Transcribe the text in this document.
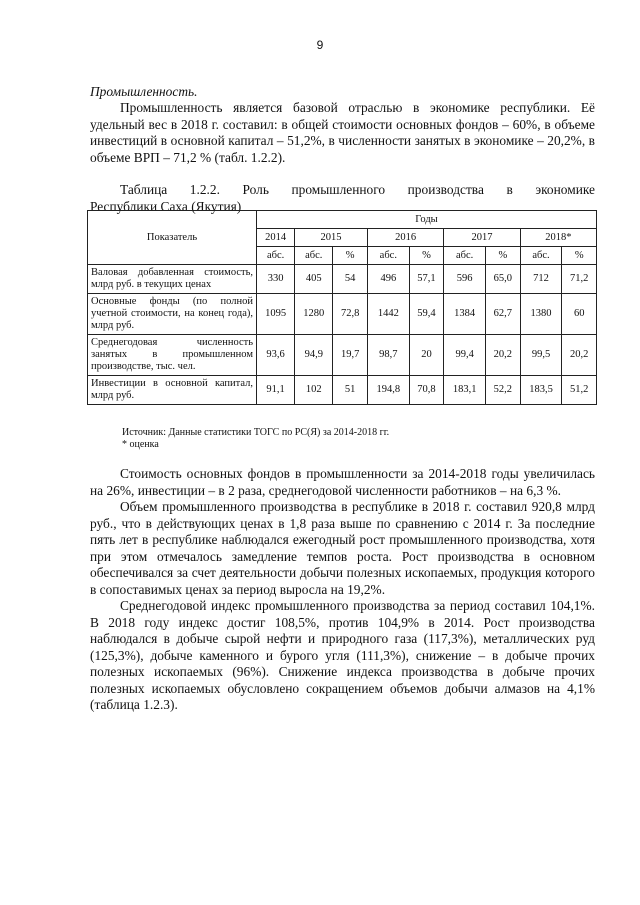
9
Промышленность.

Промышленность является базовой отраслью в экономике республики. Её удельный вес в 2018 г. составил: в общей стоимости основных фондов – 60%, в объеме инвестиций в основной капитал – 51,2%, в численности занятых в экономике – 20,2%, в объеме ВРП – 71,2 % (табл. 1.2.2).

Таблица 1.2.2. Роль промышленного производства в экономике
Республики Саха (Якутия)
Показатель	Годы								
	2014	2015		2016		2017		2018*	
	абс.	абс.	%	абс.	%	абс.	%	абс.	%
Валовая добавленная стоимость, млрд руб. в текущих ценах	330	405	54	496	57,1	596	65,0	712	71,2
Основные фонды (по полной учетной стоимости, на конец года), млрд руб.	1095	1280	72,8	1442	59,4	1384	62,7	1380	60
Среднегодовая численность занятых в промышленном производстве, тыс. чел.	93,6	94,9	19,7	98,7	20	99,4	20,2	99,5	20,2
Инвестиции в основной капитал, млрд руб.	91,1	102	51	194,8	70,8	183,1	52,2	183,5	51,2
Источник: Данные статистики ТОГС по РС(Я) за 2014-2018 гг.
* оценка

Стоимость основных фондов в промышленности за 2014-2018 годы увеличилась на 26%, инвестиции – в 2 раза, среднегодовой численности работников – на 6,3 %.

Объем промышленного производства в республике в 2018 г. составил 920,8 млрд руб., что в действующих ценах в 1,8 раза выше по сравнению с 2014 г. За последние пять лет в республике наблюдался ежегодный рост промышленного производства, хотя при этом отмечалось замедление темпов роста. Рост производства в основном обеспечивался за счет деятельности добычи полезных ископаемых, продукция которого в сопоставимых ценах за период выросла на 19,2%.

Среднегодовой индекс промышленного производства за период составил 104,1%. В 2018 году индекс достиг 108,5%, против 104,9% в 2014. Рост производства наблюдался в добыче сырой нефти и природного газа (117,3%), металлических руд (125,3%), добыче каменного и бурого угля (111,3%), снижение – в добыче прочих полезных ископаемых (96%). Снижение индекса производства в добыче прочих полезных ископаемых обусловлено сокращением объемов добычи алмазов на 4,1% (таблица 1.2.3).
